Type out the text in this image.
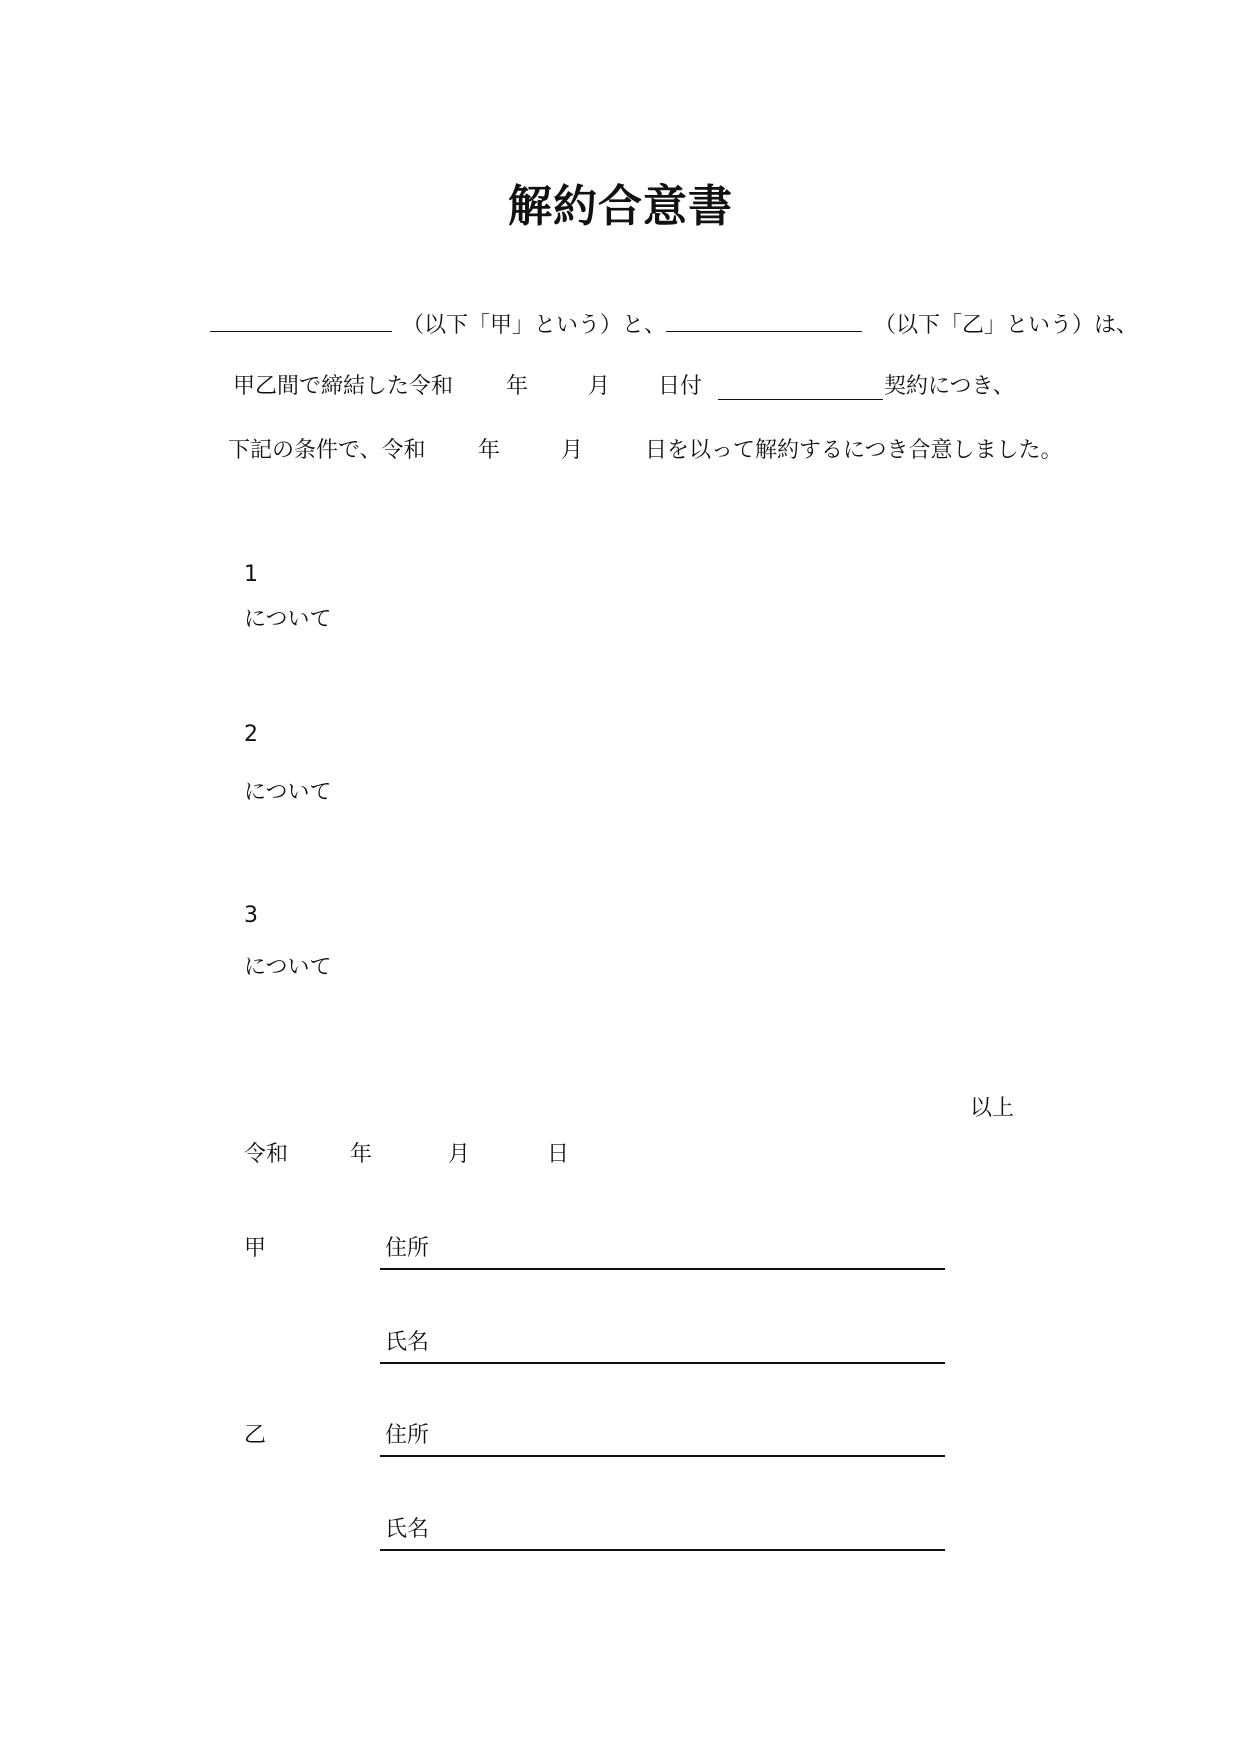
解約合意書
（以下「甲」という）と、	（以下「乙」という）は、
甲乙間で締結した令和 年	月 日付	契約につき、
下記の条件で、令和 年	月	日を以って解約するにつき合意しました。
1
について
2
について
3
について
以上
令和	年	月	日
甲	住所
氏名
乙	住所
氏名
